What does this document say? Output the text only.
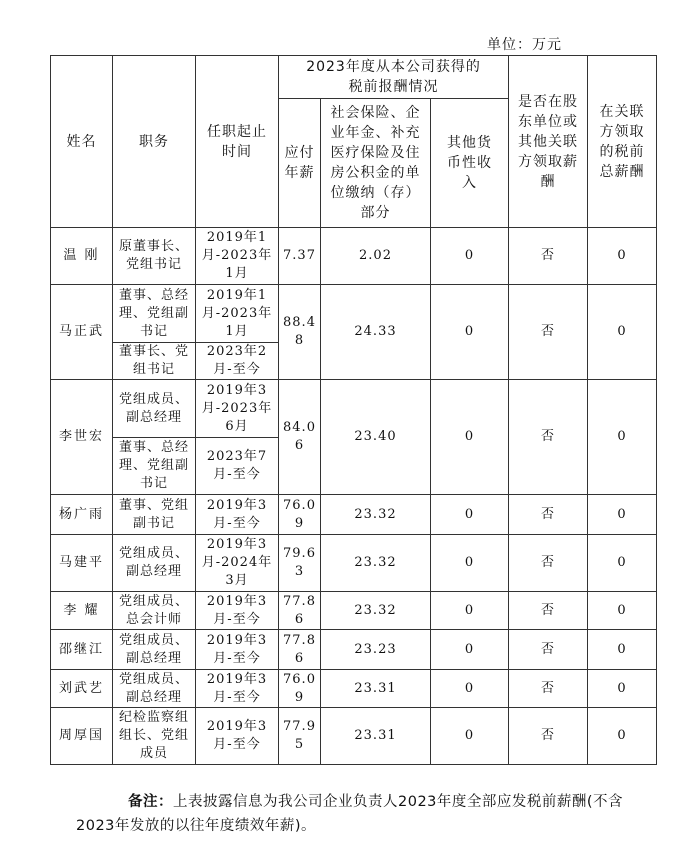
单位：万元
姓名	职务	任职起止时间	2023年度从本公司获得的税前报酬情况			是否在股东单位或其他关联方领取薪酬	在关联方领取的税前总薪酬
			应付年薪	社会保险、企业年金、补充医疗保险及住房公积金的单位缴纳（存）部分	其他货币性收入		
温 刚	原董事长、党组书记	2019年1月-2023年1月	7.37	2.02	0	否	0
马正武	董事、总经理、党组副书记	2019年1月-2023年1月	88.48	24.33	0	否	0
	董事长、党组书记	2023年2月-至今					
李世宏	党组成员、副总经理	2019年3月-2023年6月	84.06	23.40	0	否	0
	董事、总经理、党组副书记	2023年7月-至今					
杨广雨	董事、党组副书记	2019年3月-至今	76.09	23.32	0	否	0
马建平	党组成员、副总经理	2019年3月-2024年3月	79.63	23.32	0	否	0
李 耀	党组成员、总会计师	2019年3月-至今	77.86	23.32	0	否	0
邵继江	党组成员、副总经理	2019年3月-至今	77.86	23.23	0	否	0
刘武艺	党组成员、副总经理	2019年3月-至今	76.09	23.31	0	否	0
周厚国	纪检监察组组长、党组成员	2019年3月-至今	77.95	23.31	0	否	0
备注：上表披露信息为我公司企业负责人2023年度全部应发税前薪酬(不含2023年发放的以往年度绩效年薪)。
